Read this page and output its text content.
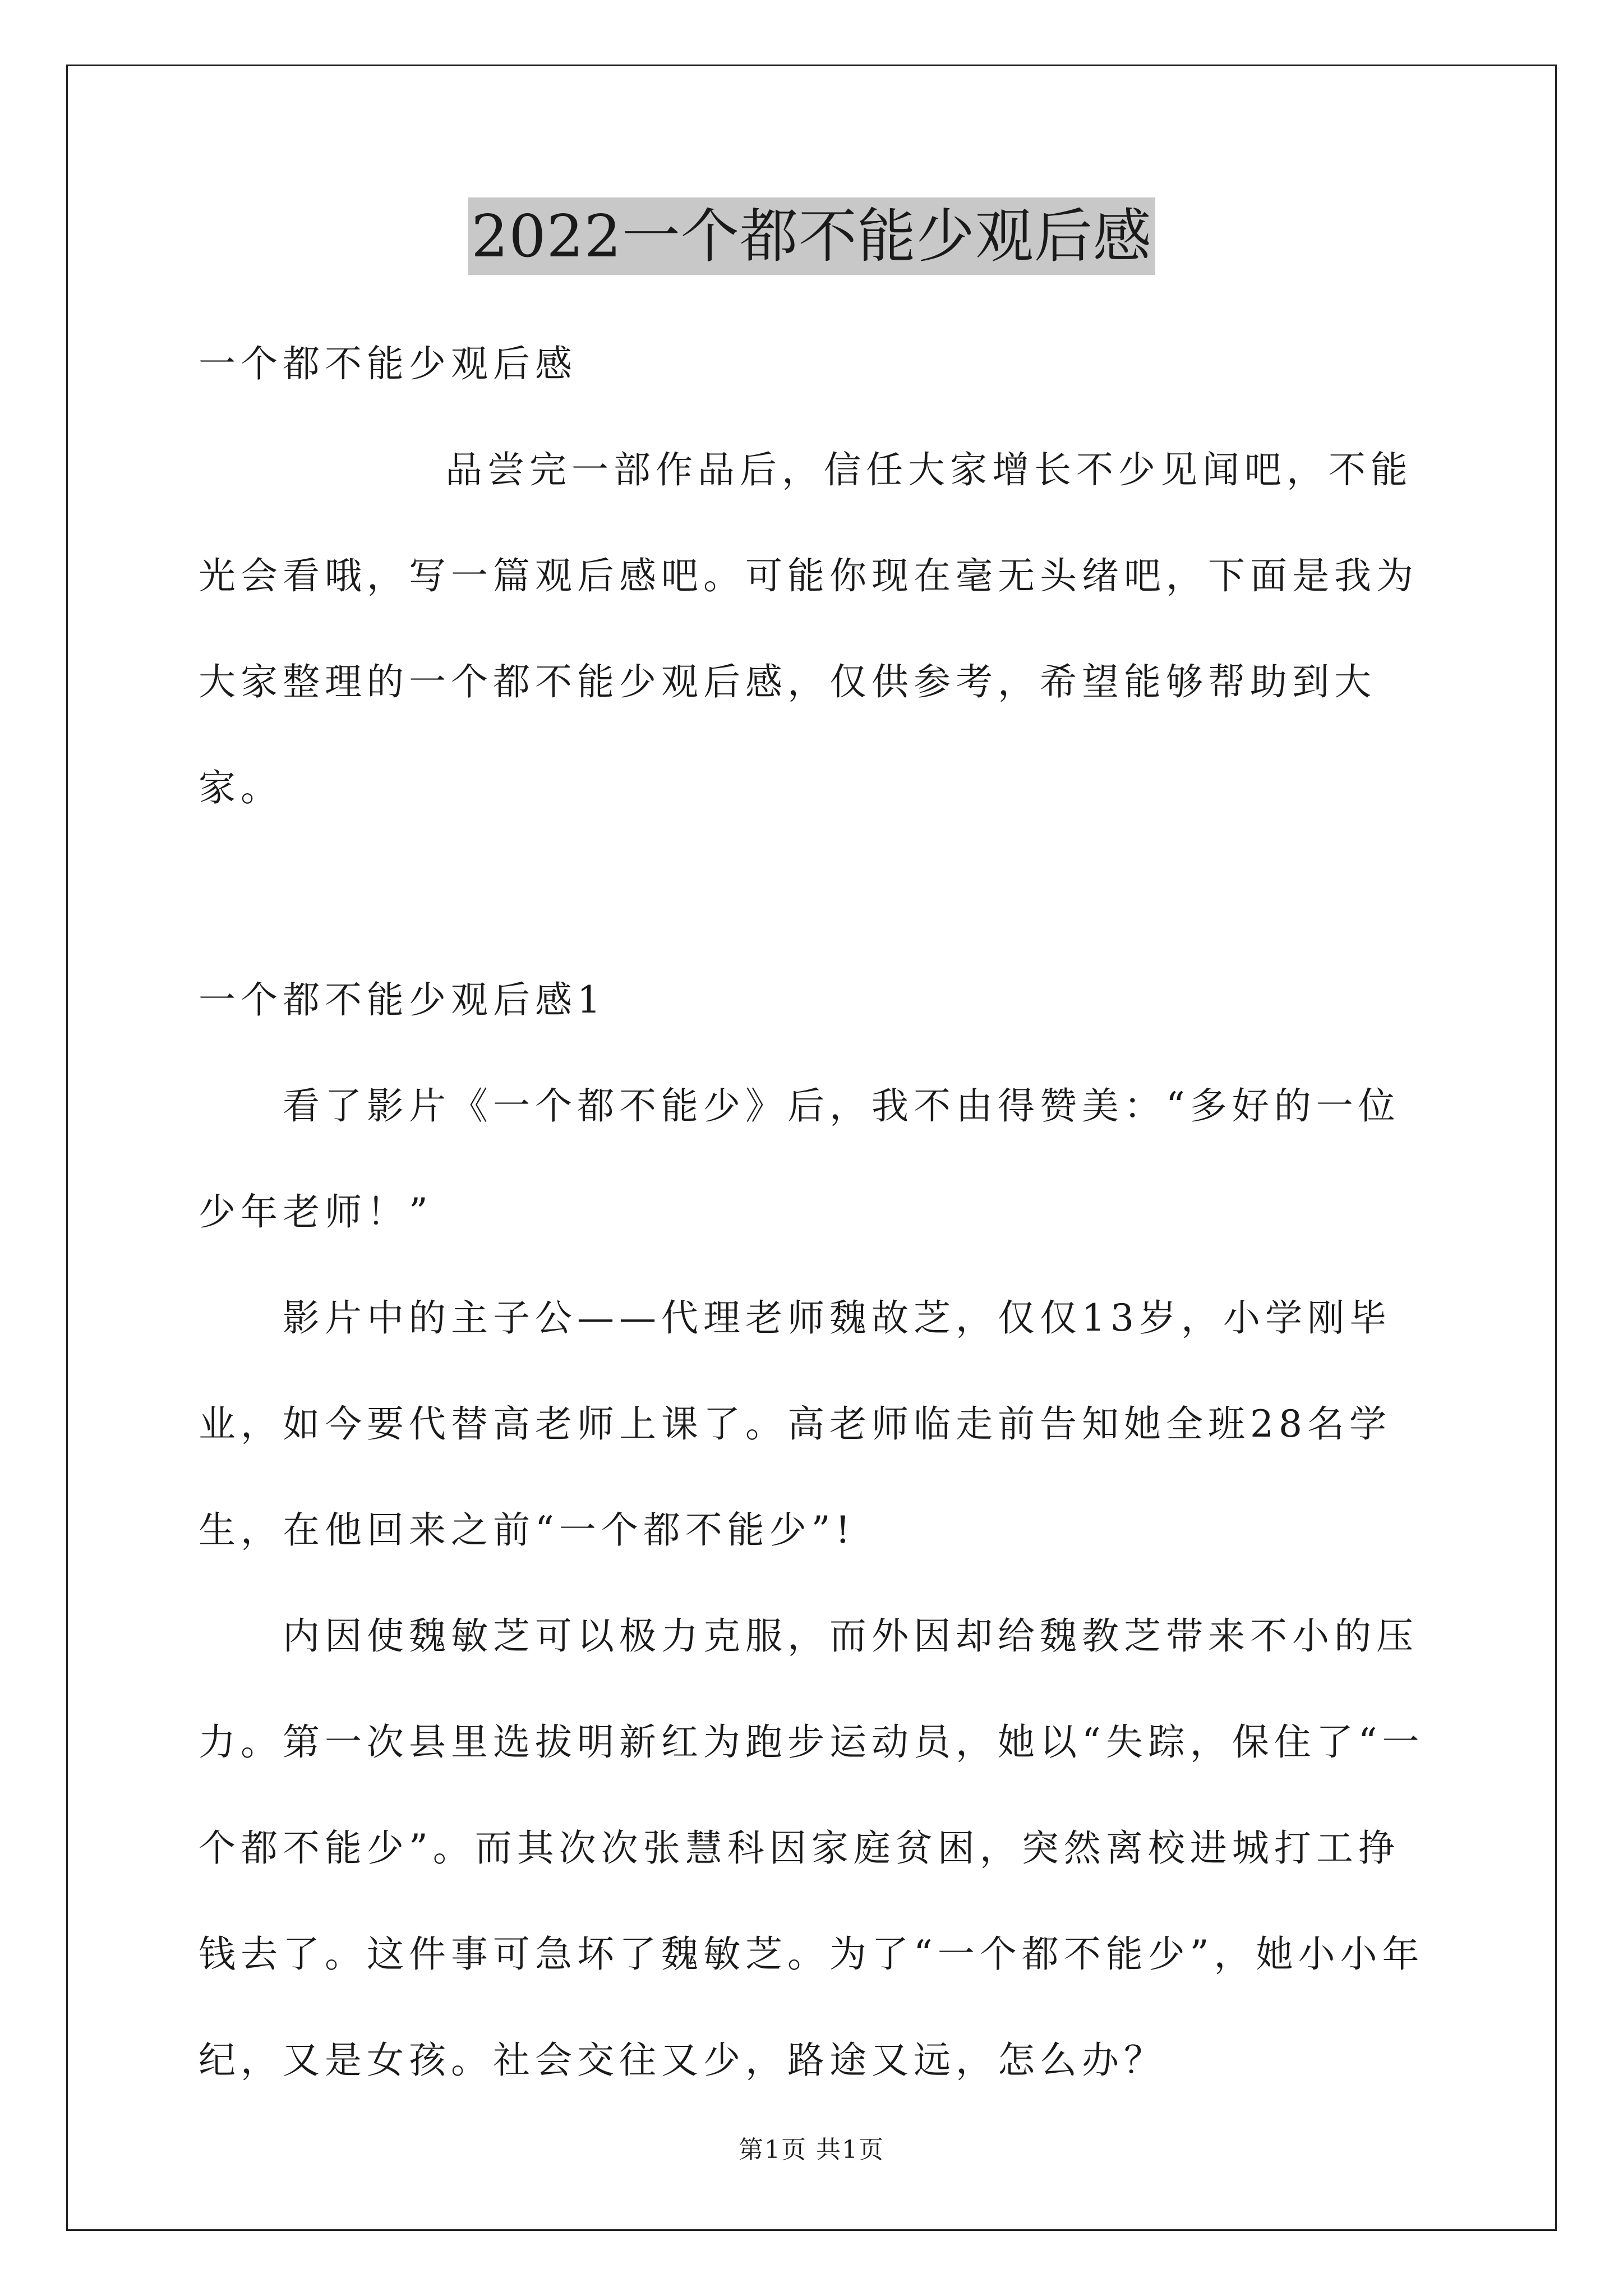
2022一个都不能少观后感

一个都不能少观后感

品尝完一部作品后，信任大家增长不少见闻吧，不能光会看哦，写一篇观后感吧。可能你现在毫无头绪吧，下面是我为大家整理的一个都不能少观后感，仅供参考，希望能够帮助到大家。

一个都不能少观后感1

看了影片《一个都不能少》后，我不由得赞美：“多好的一位少年老师！”

影片中的主子公——代理老师魏故芝，仅仅13岁，小学刚毕业，如今要代替高老师上课了。高老师临走前告知她全班28名学生，在他回来之前“一个都不能少”!

内因使魏敏芝可以极力克服，而外因却给魏教芝带来不小的压力。第一次县里选拔明新红为跑步运动员，她以“失踪，保住了“一个都不能少”。而其次次张慧科因家庭贫困，突然离校进城打工挣钱去了。这件事可急坏了魏敏芝。为了“一个都不能少”，她小小年纪，又是女孩。社会交往又少，路途又远，怎么办？

第1页 共1页
